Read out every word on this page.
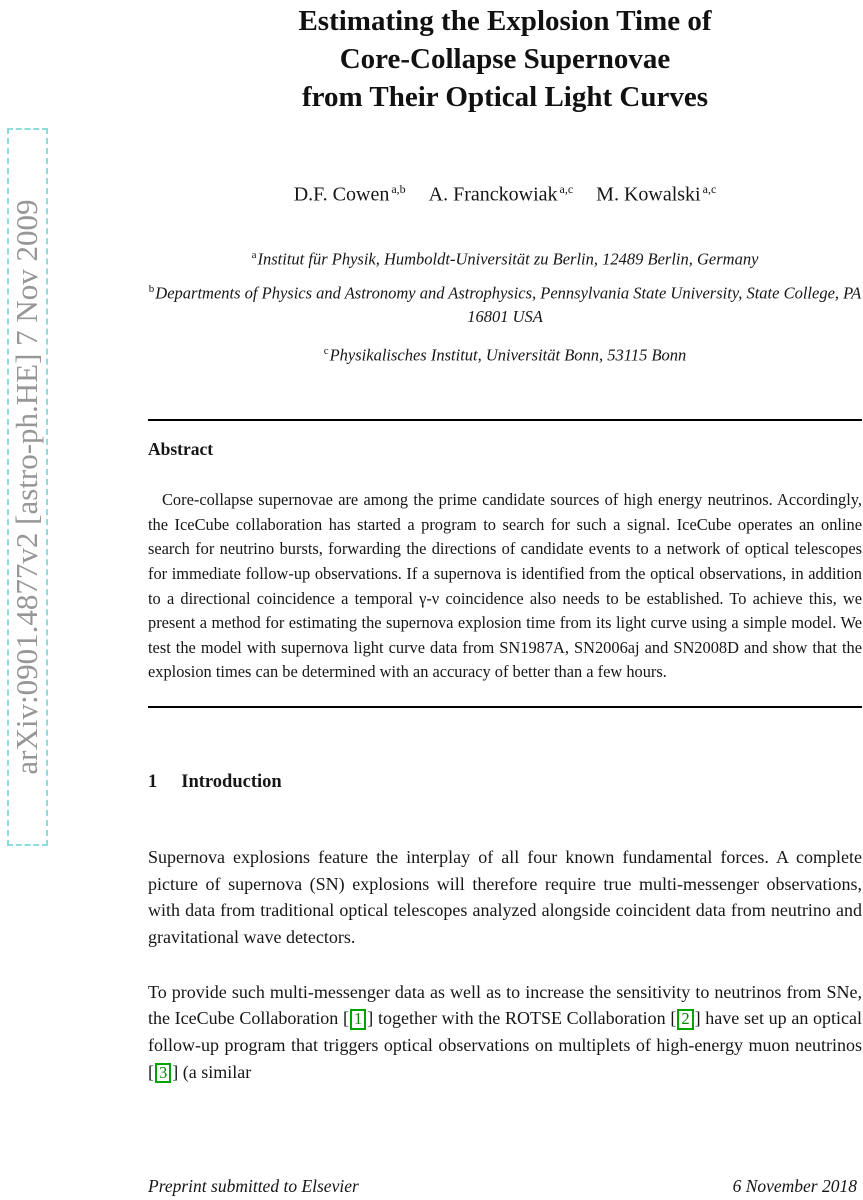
arXiv:0901.4877v2 [astro-ph.HE] 7 Nov 2009
Estimating the Explosion Time of
Core-Collapse Supernovae
from Their Optical Light Curves
D.F. Cowen $^{a,b}$ A. Franckowiak $^{a,c}$ M. Kowalski $^{a,c}$
$^a$Institut für Physik, Humboldt-Universität zu Berlin, 12489 Berlin, Germany
$^b$Departments of Physics and Astronomy and Astrophysics, Pennsylvania State University, State College, PA 16801 USA
$^c$Physikalisches Institut, Universität Bonn, 53115 Bonn
Abstract

Core-collapse supernovae are among the prime candidate sources of high energy neutrinos. Accordingly, the IceCube collaboration has started a program to search for such a signal. IceCube operates an online search for neutrino bursts, forwarding the directions of candidate events to a network of optical telescopes for immediate follow-up observations. If a supernova is identified from the optical observations, in addition to a directional coincidence a temporal γ-ν coincidence also needs to be established. To achieve this, we present a method for estimating the supernova explosion time from its light curve using a simple model. We test the model with supernova light curve data from SN1987A, SN2006aj and SN2008D and show that the explosion times can be determined with an accuracy of better than a few hours.

1 Introduction

Supernova explosions feature the interplay of all four known fundamental forces. A complete picture of supernova (SN) explosions will therefore require true multi-messenger observations, with data from traditional optical telescopes analyzed alongside coincident data from neutrino and gravitational wave detectors.

To provide such multi-messenger data as well as to increase the sensitivity to neutrinos from SNe, the IceCube Collaboration [ 1 ] together with the ROTSE Collaboration [ 2 ] have set up an optical follow-up program that triggers optical observations on multiplets of high-energy muon neutrinos [ 3 ] (a similar

Preprint submitted to Elsevier	6 November 2018
